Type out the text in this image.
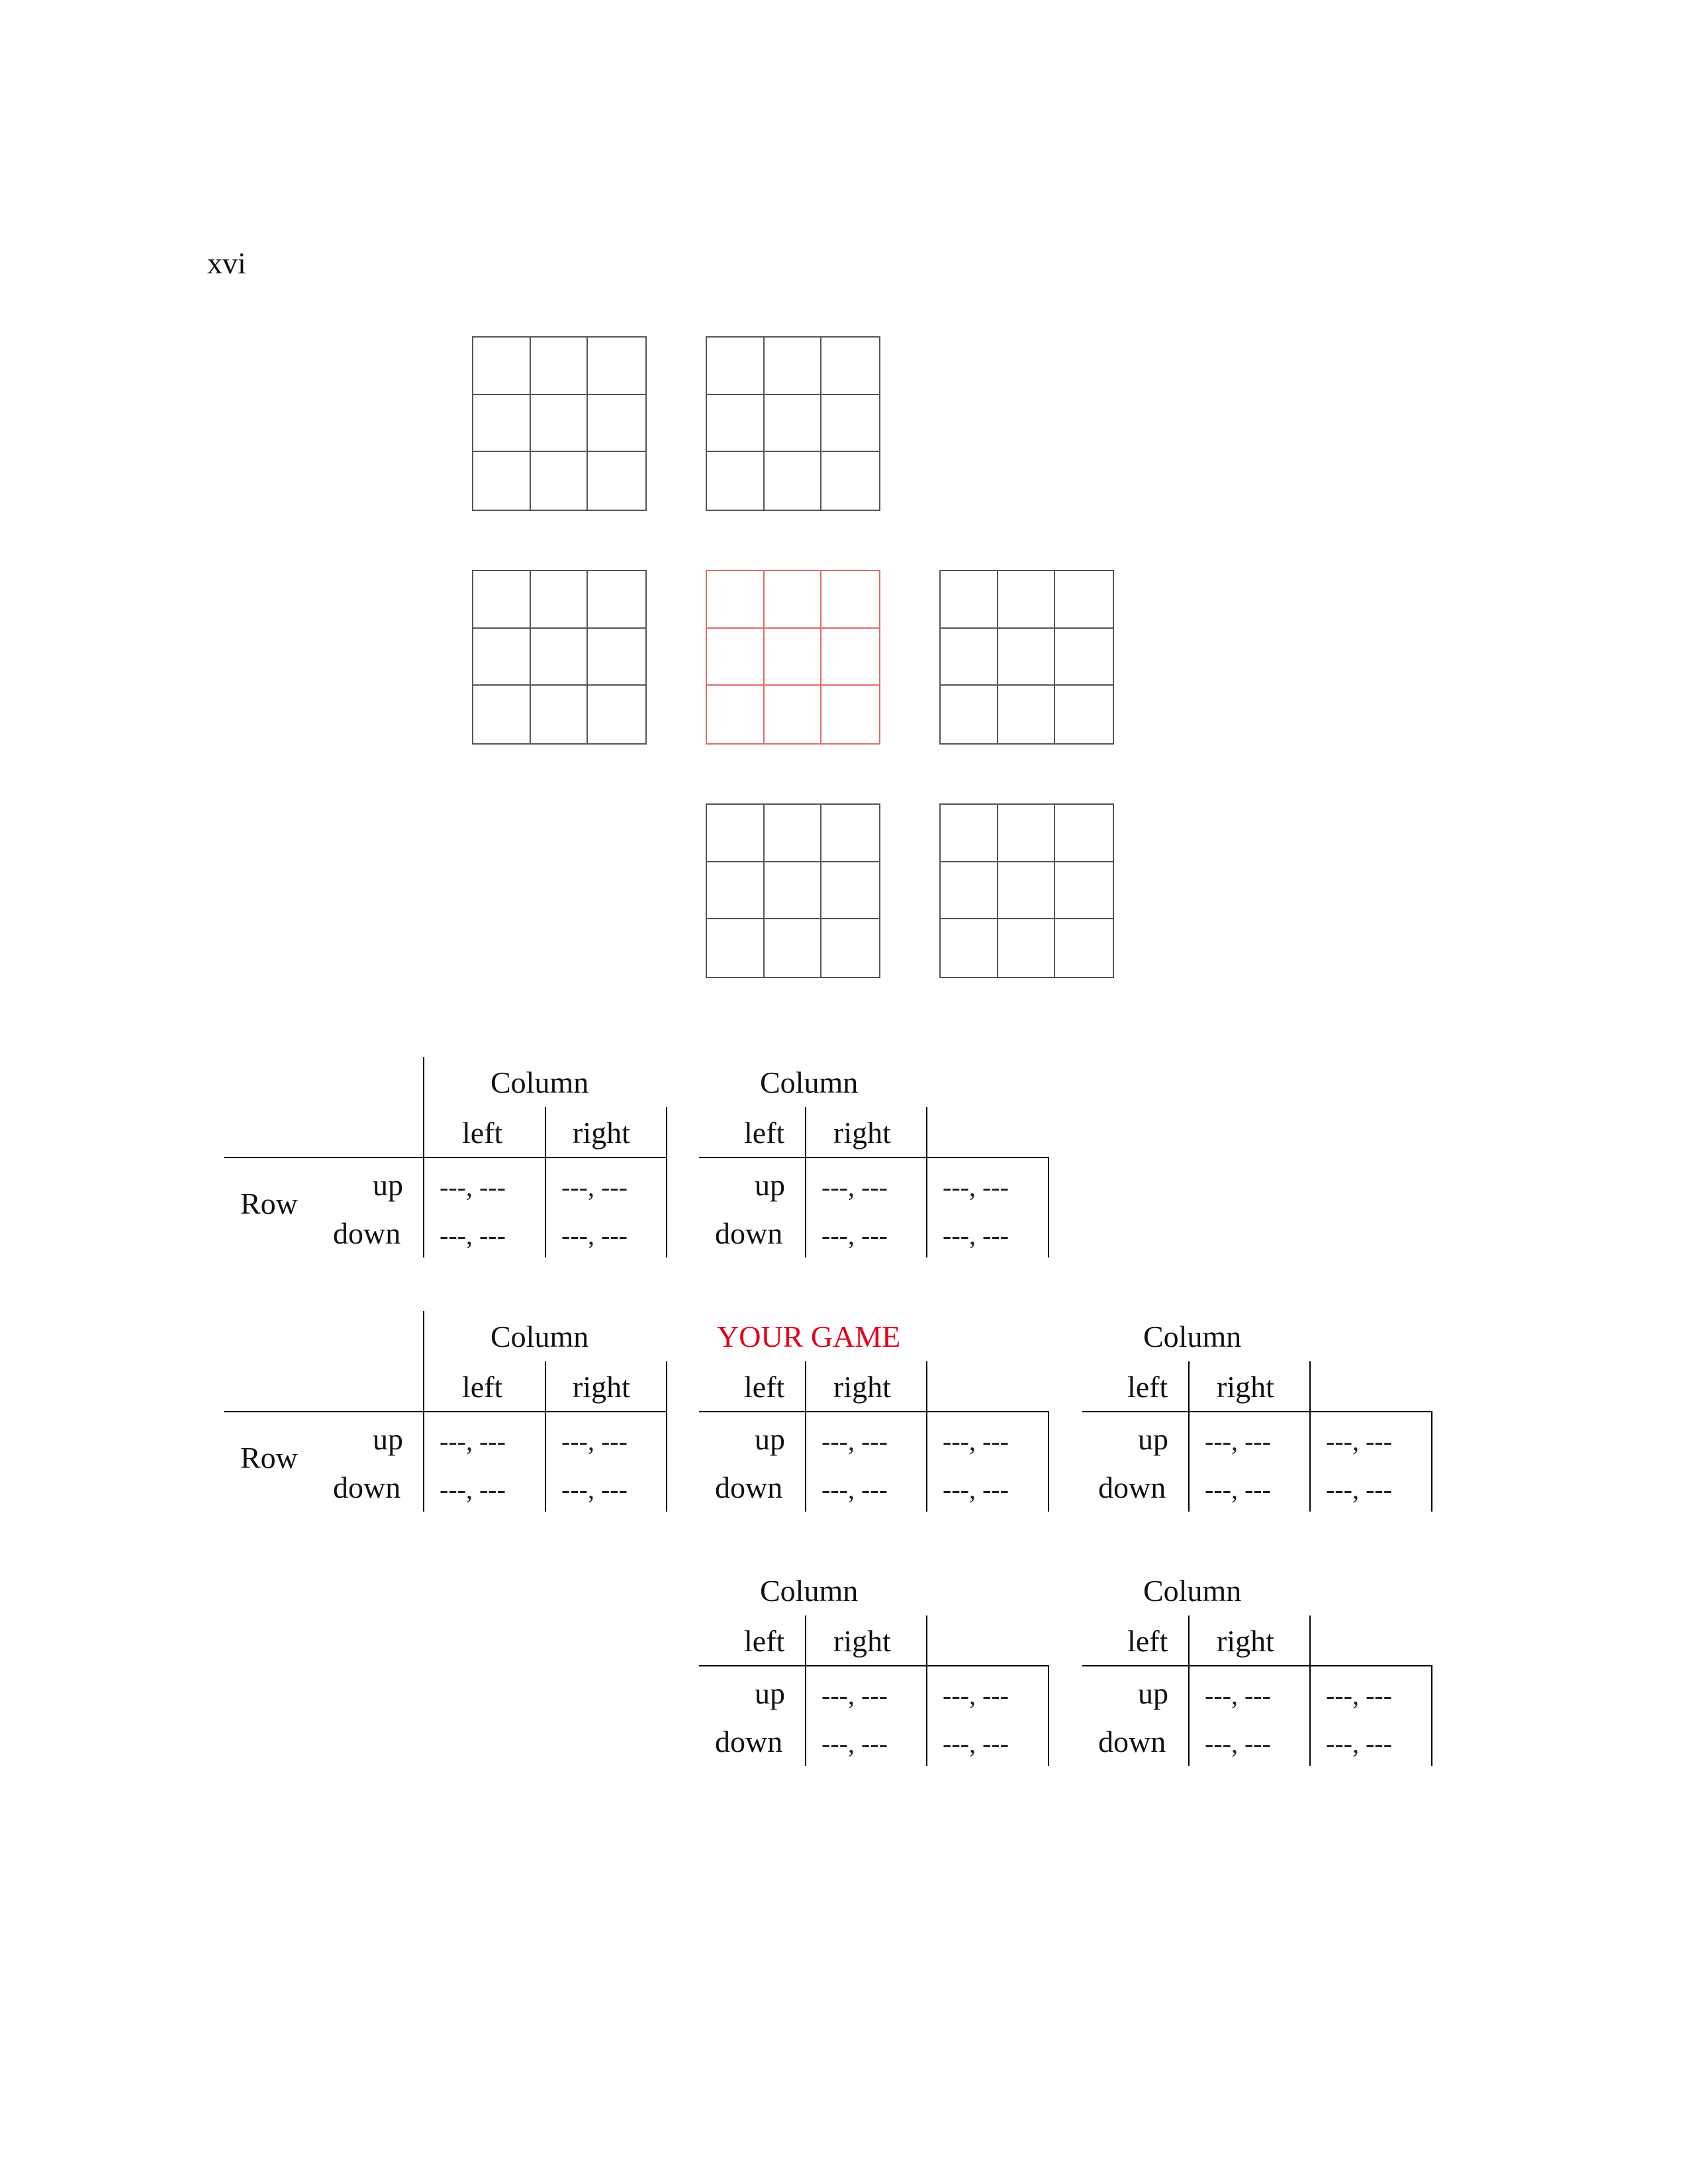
xvi
Column
left right
Row
up
down
---, --- ---, ---
---, --- ---, ---
Column
left right
up
down
---, --- ---, ---
---, --- ---, ---
Column
left right
Row
up
down
---, --- ---, ---
---, --- ---, ---
YOUR GAME
left right
up
down
---, --- ---, ---
---, --- ---, ---
Column
left right
up
down
---, --- ---, ---
---, --- ---, ---
Column
left right
up
down
---, --- ---, ---
---, --- ---, ---
Column
left right
up
down
---, --- ---, ---
---, --- ---, ---
